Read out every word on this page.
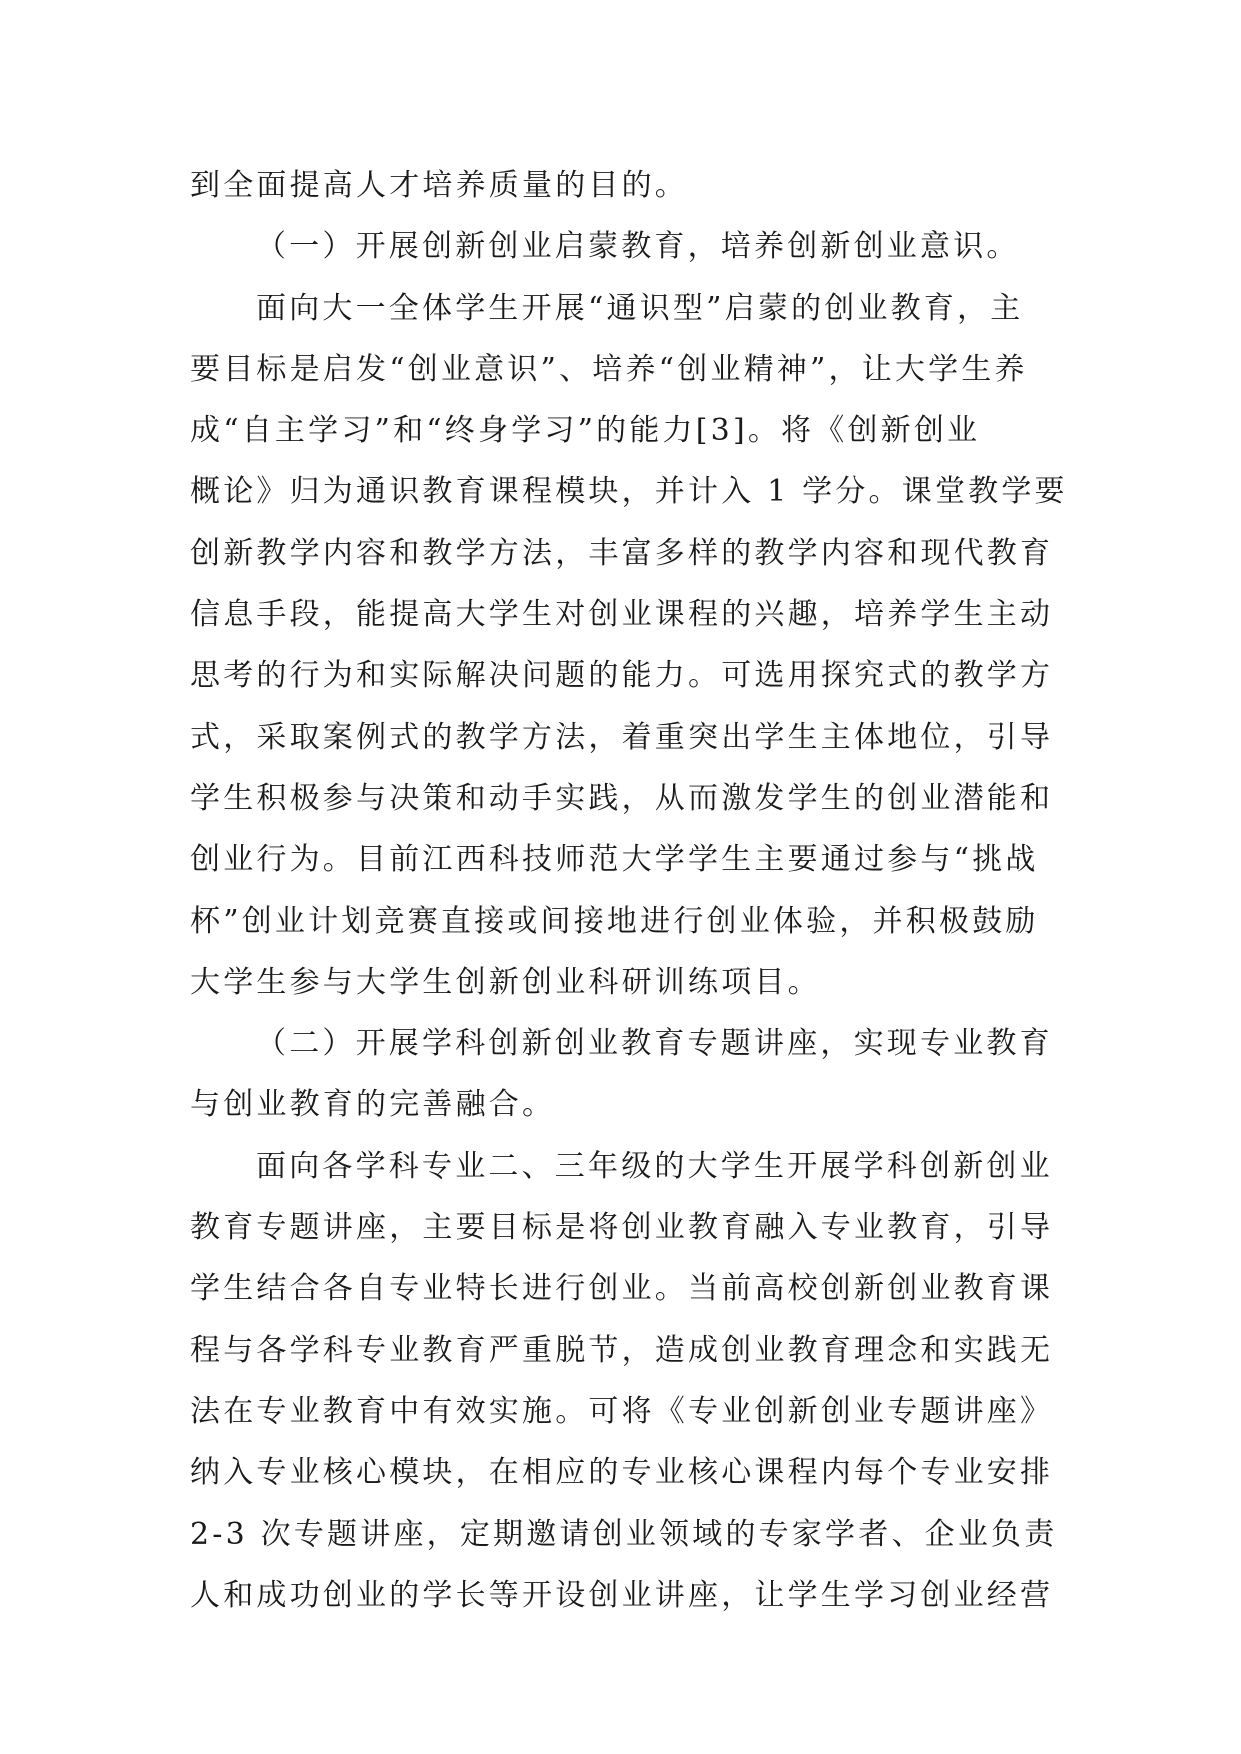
到全面提高人才培养质量的目的。
（一）开展创新创业启蒙教育，培养创新创业意识。
面向大一全体学生开展“通识型”启蒙的创业教育，主
要目标是启发“创业意识”、培养“创业精神”，让大学生养
成“自主学习”和“终身学习”的能力[3]。将《创新创业
概论》归为通识教育课程模块，并计入 1 学分。课堂教学要
创新教学内容和教学方法，丰富多样的教学内容和现代教育
信息手段，能提高大学生对创业课程的兴趣，培养学生主动
思考的行为和实际解决问题的能力。可选用探究式的教学方
式，采取案例式的教学方法，着重突出学生主体地位，引导
学生积极参与决策和动手实践，从而激发学生的创业潜能和
创业行为。目前江西科技师范大学学生主要通过参与“挑战
杯”创业计划竞赛直接或间接地进行创业体验，并积极鼓励
大学生参与大学生创新创业科研训练项目。
（二）开展学科创新创业教育专题讲座，实现专业教育
与创业教育的完善融合。
面向各学科专业二、三年级的大学生开展学科创新创业
教育专题讲座，主要目标是将创业教育融入专业教育，引导
学生结合各自专业特长进行创业。当前高校创新创业教育课
程与各学科专业教育严重脱节，造成创业教育理念和实践无
法在专业教育中有效实施。可将《专业创新创业专题讲座》
纳入专业核心模块，在相应的专业核心课程内每个专业安排
2-3 次专题讲座，定期邀请创业领域的专家学者、企业负责
人和成功创业的学长等开设创业讲座，让学生学习创业经营
